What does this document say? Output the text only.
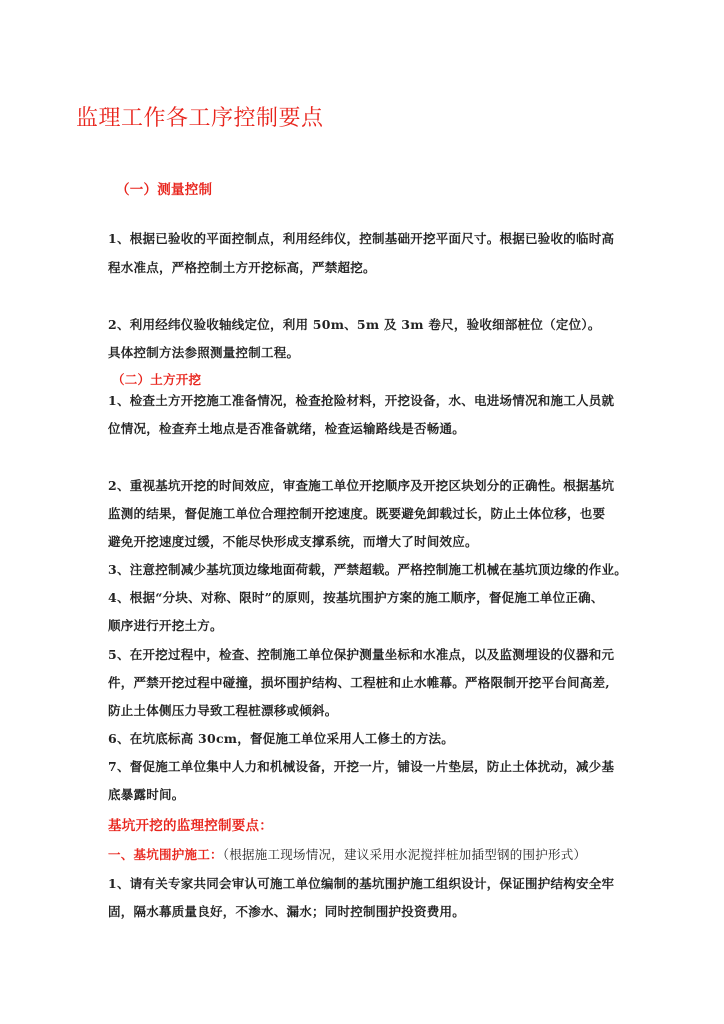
监理工作各工序控制要点
（一）测量控制
1、根据已验收的平面控制点，利用经纬仪，控制基础开挖平面尺寸。根据已验收的临时高
程水准点，严格控制土方开挖标高，严禁超挖。
2、利用经纬仪验收轴线定位，利用 50m、5m 及 3m 卷尺，验收细部桩位（定位）。
具体控制方法参照测量控制工程。
（二）土方开挖
1、检查土方开挖施工准备情况，检查抢险材料，开挖设备，水、电进场情况和施工人员就
位情况，检查弃土地点是否准备就绪，检查运输路线是否畅通。
2、重视基坑开挖的时间效应，审查施工单位开挖顺序及开挖区块划分的正确性。根据基坑
监测的结果，督促施工单位合理控制开挖速度。既要避免卸载过长，防止土体位移，也要
避免开挖速度过缓，不能尽快形成支撑系统，而增大了时间效应。
3、注意控制减少基坑顶边缘地面荷载，严禁超载。严格控制施工机械在基坑顶边缘的作业。
4、根据“分块、对称、限时”的原则，按基坑围护方案的施工顺序，督促施工单位正确、
顺序进行开挖土方。
5、在开挖过程中，检查、控制施工单位保护测量坐标和水准点，以及监测埋设的仪器和元
件，严禁开挖过程中碰撞，损坏围护结构、工程桩和止水帷幕。严格限制开挖平台间高差,
防止土体侧压力导致工程桩漂移或倾斜。
6、在坑底标高 30cm，督促施工单位采用人工修土的方法。
7、督促施工单位集中人力和机械设备，开挖一片，铺设一片垫层，防止土体扰动，减少基
底暴露时间。
基坑开挖的监理控制要点：
一、基坑围护施工：（根据施工现场情况，建议采用水泥搅拌桩加插型钢的围护形式）
1、请有关专家共同会审认可施工单位编制的基坑围护施工组织设计，保证围护结构安全牢
固，隔水幕质量良好，不渗水、漏水；同时控制围护投资费用。
